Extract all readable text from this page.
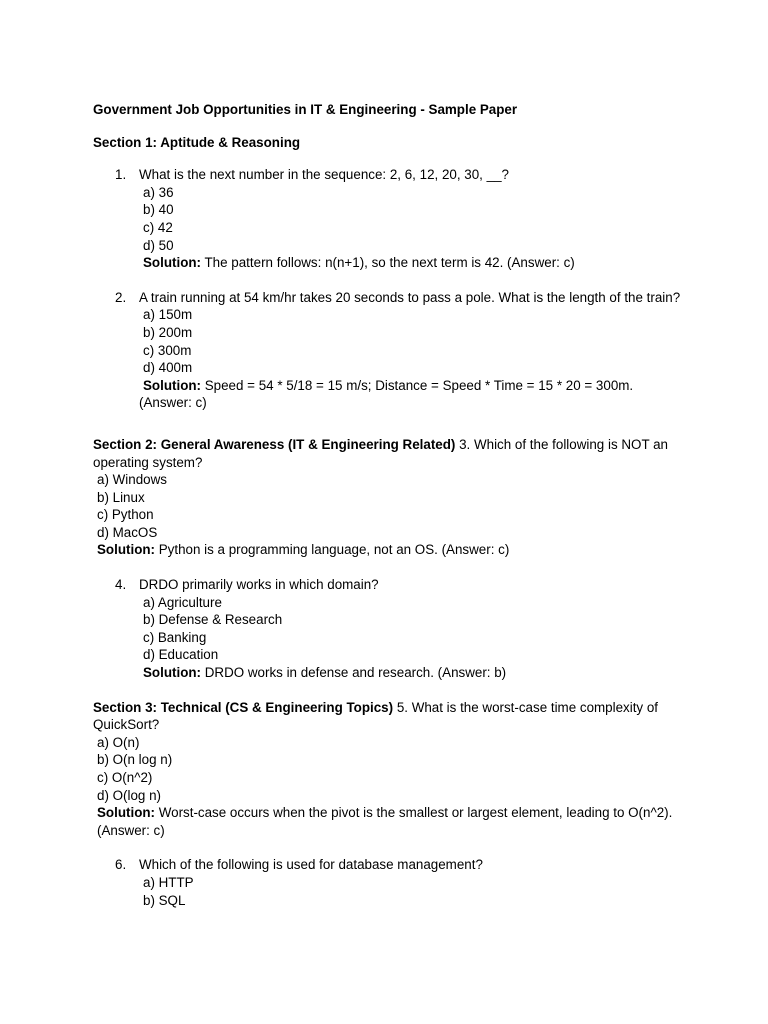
Government Job Opportunities in IT & Engineering - Sample Paper
Section 1: Aptitude & Reasoning
1. What is the next number in the sequence: 2, 6, 12, 20, 30, __?
a) 36
b) 40
c) 42
d) 50
Solution: The pattern follows: n(n+1), so the next term is 42. (Answer: c)
2. A train running at 54 km/hr takes 20 seconds to pass a pole. What is the length of the train?
a) 150m
b) 200m
c) 300m
d) 400m
Solution: Speed = 54 * 5/18 = 15 m/s; Distance = Speed * Time = 15 * 20 = 300m.
(Answer: c)
Section 2: General Awareness (IT & Engineering Related) 3. Which of the following is NOT an operating system?
a) Windows
b) Linux
c) Python
d) MacOS
Solution: Python is a programming language, not an OS. (Answer: c)
4. DRDO primarily works in which domain?
a) Agriculture
b) Defense & Research
c) Banking
d) Education
Solution: DRDO works in defense and research. (Answer: b)
Section 3: Technical (CS & Engineering Topics) 5. What is the worst-case time complexity of QuickSort?
a) O(n)
b) O(n log n)
c) O(n^2)
d) O(log n)
Solution: Worst-case occurs when the pivot is the smallest or largest element, leading to O(n^2). (Answer: c)
6. Which of the following is used for database management?
a) HTTP
b) SQL
